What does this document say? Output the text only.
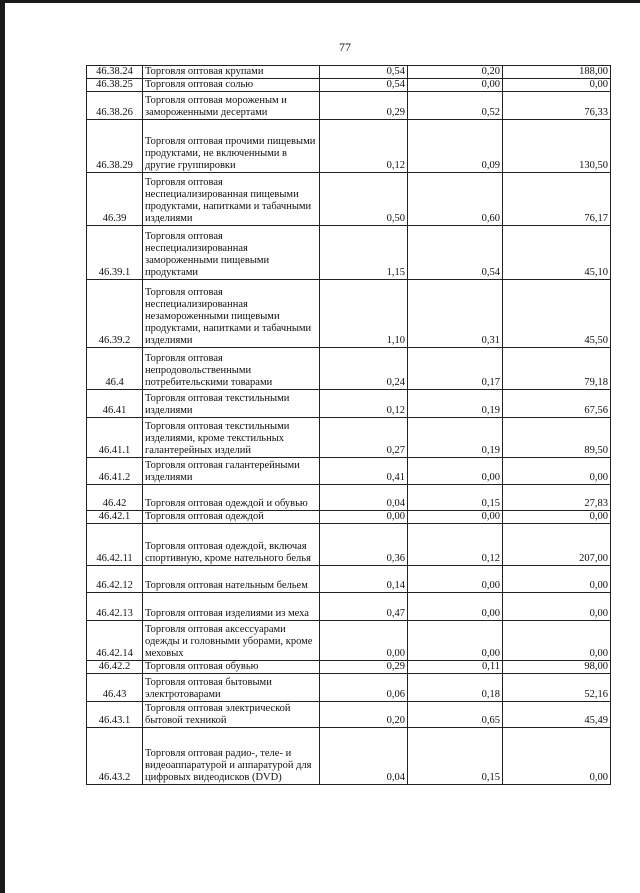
77
46.38.24	Торговля оптовая крупами	0,54	0,20	188,00
46.38.25	Торговля оптовая солью	0,54	0,00	0,00
46.38.26	Торговля оптовая мороженым и замороженными десертами	0,29	0,52	76,33
46.38.29	Торговля оптовая прочими пищевыми продуктами, не включенными в другие группировки	0,12	0,09	130,50
46.39	Торговля оптовая неспециализированная пищевыми продуктами, напитками и табачными изделиями	0,50	0,60	76,17
46.39.1	Торговля оптовая неспециализированная замороженными пищевыми продуктами	1,15	0,54	45,10
46.39.2	Торговля оптовая неспециализированная незамороженными пищевыми продуктами, напитками и табачными изделиями	1,10	0,31	45,50
46.4	Торговля оптовая непродовольственными потребительскими товарами	0,24	0,17	79,18
46.41	Торговля оптовая текстильными изделиями	0,12	0,19	67,56
46.41.1	Торговля оптовая текстильными изделиями, кроме текстильных галантерейных изделий	0,27	0,19	89,50
46.41.2	Торговля оптовая галантерейными изделиями	0,41	0,00	0,00
46.42	Торговля оптовая одеждой и обувью	0,04	0,15	27,83
46.42.1	Торговля оптовая одеждой	0,00	0,00	0,00
46.42.11	Торговля оптовая одеждой, включая спортивную, кроме нательного белья	0,36	0,12	207,00
46.42.12	Торговля оптовая нательным бельем	0,14	0,00	0,00
46.42.13	Торговля оптовая изделиями из меха	0,47	0,00	0,00
46.42.14	Торговля оптовая аксессуарами одежды и головными уборами, кроме меховых	0,00	0,00	0,00
46.42.2	Торговля оптовая обувью	0,29	0,11	98,00
46.43	Торговля оптовая бытовыми электротоварами	0,06	0,18	52,16
46.43.1	Торговля оптовая электрической бытовой техникой	0,20	0,65	45,49
46.43.2	Торговля оптовая радио-, теле- и видеоаппаратурой и аппаратурой для цифровых видеодисков (DVD)	0,04	0,15	0,00
